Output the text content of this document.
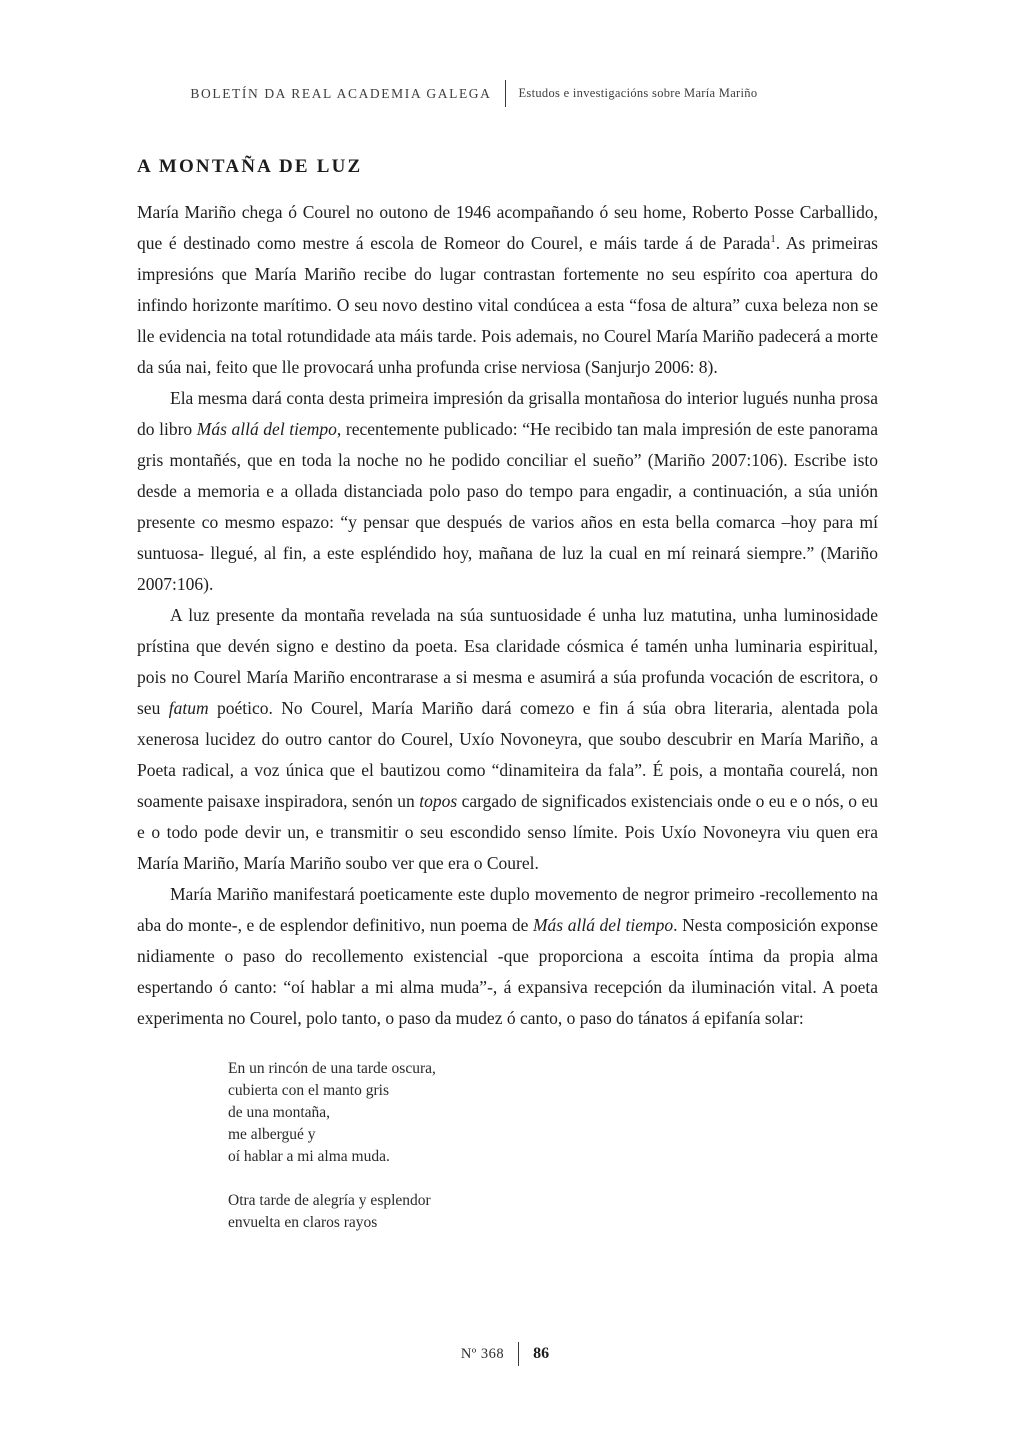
BOLETÍN DA REAL ACADEMIA GALEGA	Estudos e investigacións sobre María Mariño
A MONTAÑA DE LUZ

María Mariño chega ó Courel no outono de 1946 acompañando ó seu home, Roberto Posse Carballido, que é destinado como mestre á escola de Romeor do Courel, e máis tarde á de Parada$^1$. As primeiras impresións que María Mariño recibe do lugar contrastan fortemente no seu espírito coa apertura do infindo horizonte marítimo. O seu novo destino vital condúcea a esta “fosa de altura” cuxa beleza non se lle evidencia na total rotundidade ata máis tarde. Pois ademais, no Courel María Mariño padecerá a morte da súa nai, feito que lle provocará unha profunda crise nerviosa (Sanjurjo 2006: 8).

Ela mesma dará conta desta primeira impresión da grisalla montañosa do interior lugués nunha prosa do libro Más allá del tiempo, recentemente publicado: “He recibido tan mala impresión de este panorama gris montañés, que en toda la noche no he podido conciliar el sueño” (Mariño 2007:106). Escribe isto desde a memoria e a ollada distanciada polo paso do tempo para engadir, a continuación, a súa unión presente co mesmo espazo: “y pensar que después de varios años en esta bella comarca –hoy para mí suntuosa- llegué, al fin, a este espléndido hoy, mañana de luz la cual en mí reinará siempre.” (Mariño 2007:106).

A luz presente da montaña revelada na súa suntuosidade é unha luz matutina, unha luminosidade prístina que devén signo e destino da poeta. Esa claridade cósmica é tamén unha luminaria espiritual, pois no Courel María Mariño encontrarase a si mesma e asumirá a súa profunda vocación de escritora, o seu fatum poético. No Courel, María Mariño dará comezo e fin á súa obra literaria, alentada pola xenerosa lucidez do outro cantor do Courel, Uxío Novoneyra, que soubo descubrir en María Mariño, a Poeta radical, a voz única que el bautizou como “dinamiteira da fala”. É pois, a montaña courelá, non soamente paisaxe inspiradora, senón un topos cargado de significados existenciais onde o eu e o nós, o eu e o todo pode devir un, e transmitir o seu escondido senso límite. Pois Uxío Novoneyra viu quen era María Mariño, María Mariño soubo ver que era o Courel.

María Mariño manifestará poeticamente este duplo movemento de negror primeiro -recollemento na aba do monte-, e de esplendor definitivo, nun poema de Más allá del tiempo. Nesta composición exponse nidiamente o paso do recollemento existencial -que proporciona a escoita íntima da propia alma espertando ó canto: “oí hablar a mi alma muda”-, á expansiva recepción da iluminación vital. A poeta experimenta no Courel, polo tanto, o paso da mudez ó canto, o paso do tánatos á epifanía solar:

En un rincón de una tarde oscura,
cubierta con el manto gris
de una montaña,
me albergué y
oí hablar a mi alma muda.
Otra tarde de alegría y esplendor
envuelta en claros rayos
Nº 368 86
